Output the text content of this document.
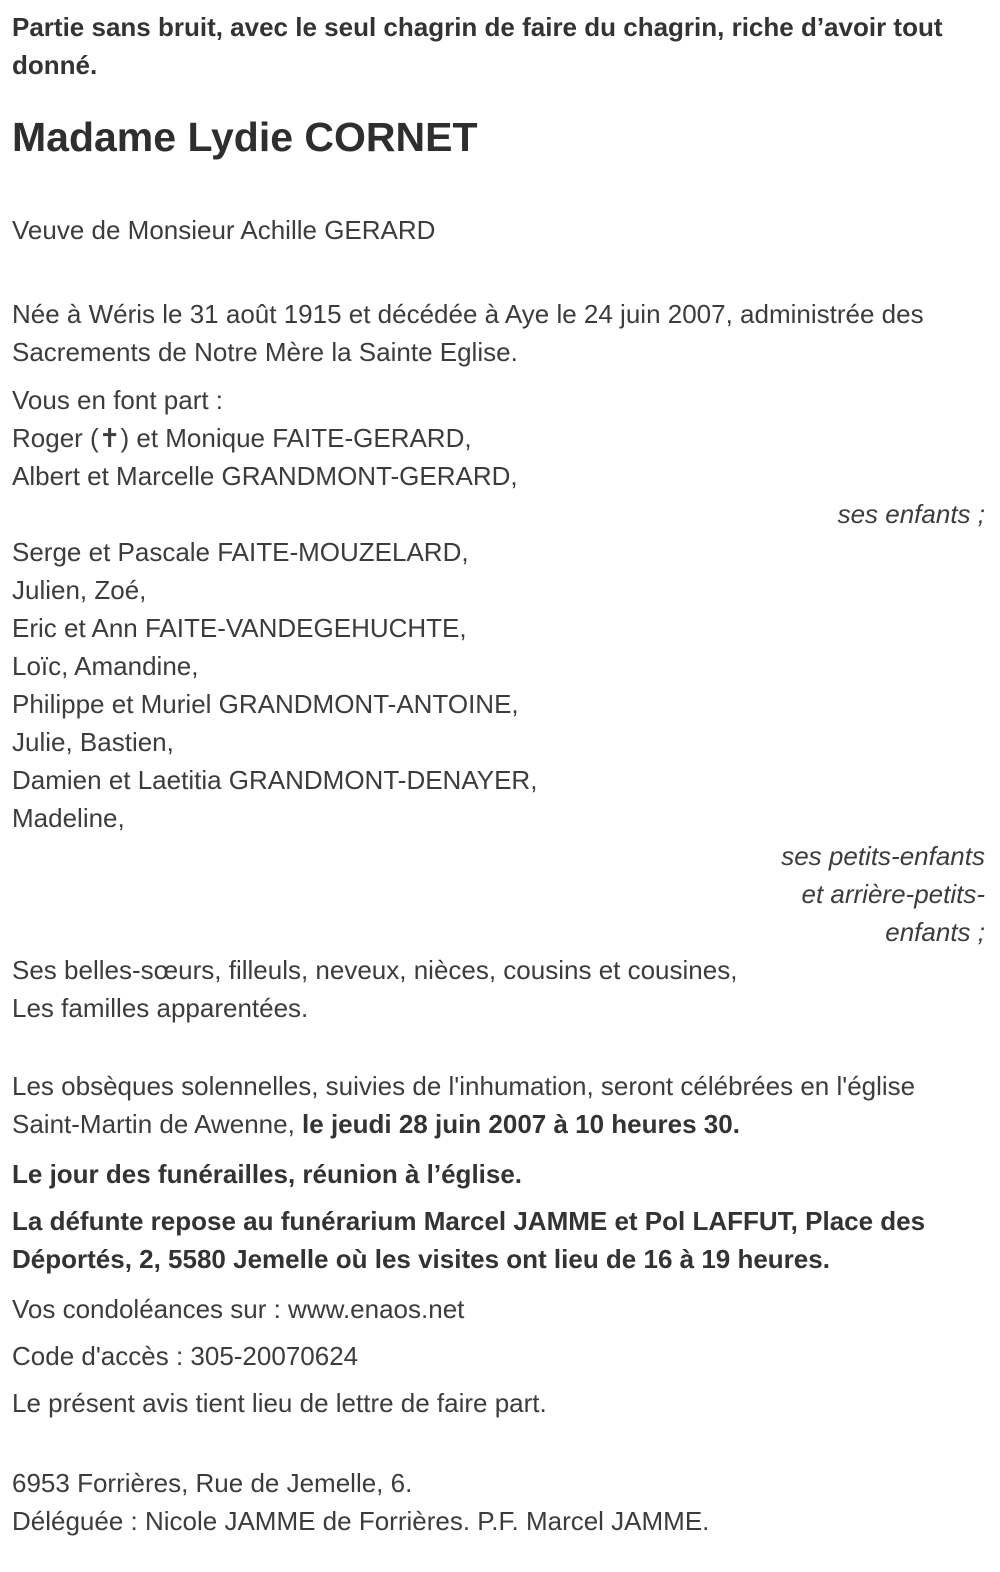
Partie sans bruit, avec le seul chagrin de faire du chagrin, riche d’avoir tout donné.

Madame Lydie CORNET

Veuve de Monsieur Achille GERARD

Née à Wéris le 31 août 1915 et décédée à Aye le 24 juin 2007, administrée des Sacrements de Notre Mère la Sainte Eglise.

Vous en font part :

Roger (✝) et Monique FAITE-GERARD,
Albert et Marcelle GRANDMONT-GERARD,
ses enfants ;
Serge et Pascale FAITE-MOUZELARD,
Julien, Zoé,
Eric et Ann FAITE-VANDEGEHUCHTE,
Loïc, Amandine,
Philippe et Muriel GRANDMONT-ANTOINE,
Julie, Bastien,
Damien et Laetitia GRANDMONT-DENAYER,
Madeline,
ses petits-enfants
et arrière-petits-
enfants ;

Ses belles-sœurs, filleuls, neveux, nièces, cousins et cousines,

Les familles apparentées.

Les obsèques solennelles, suivies de l'inhumation, seront célébrées en l'église Saint-Martin de Awenne, le jeudi 28 juin 2007 à 10 heures 30.

Le jour des funérailles, réunion à l’église.

La défunte repose au funérarium Marcel JAMME et Pol LAFFUT, Place des Déportés, 2, 5580 Jemelle où les visites ont lieu de 16 à 19 heures.

Vos condoléances sur : www.enaos.net

Code d'accès : 305-20070624

Le présent avis tient lieu de lettre de faire part.

6953 Forrières, Rue de Jemelle, 6.

Déléguée : Nicole JAMME de Forrières. P.F. Marcel JAMME.
